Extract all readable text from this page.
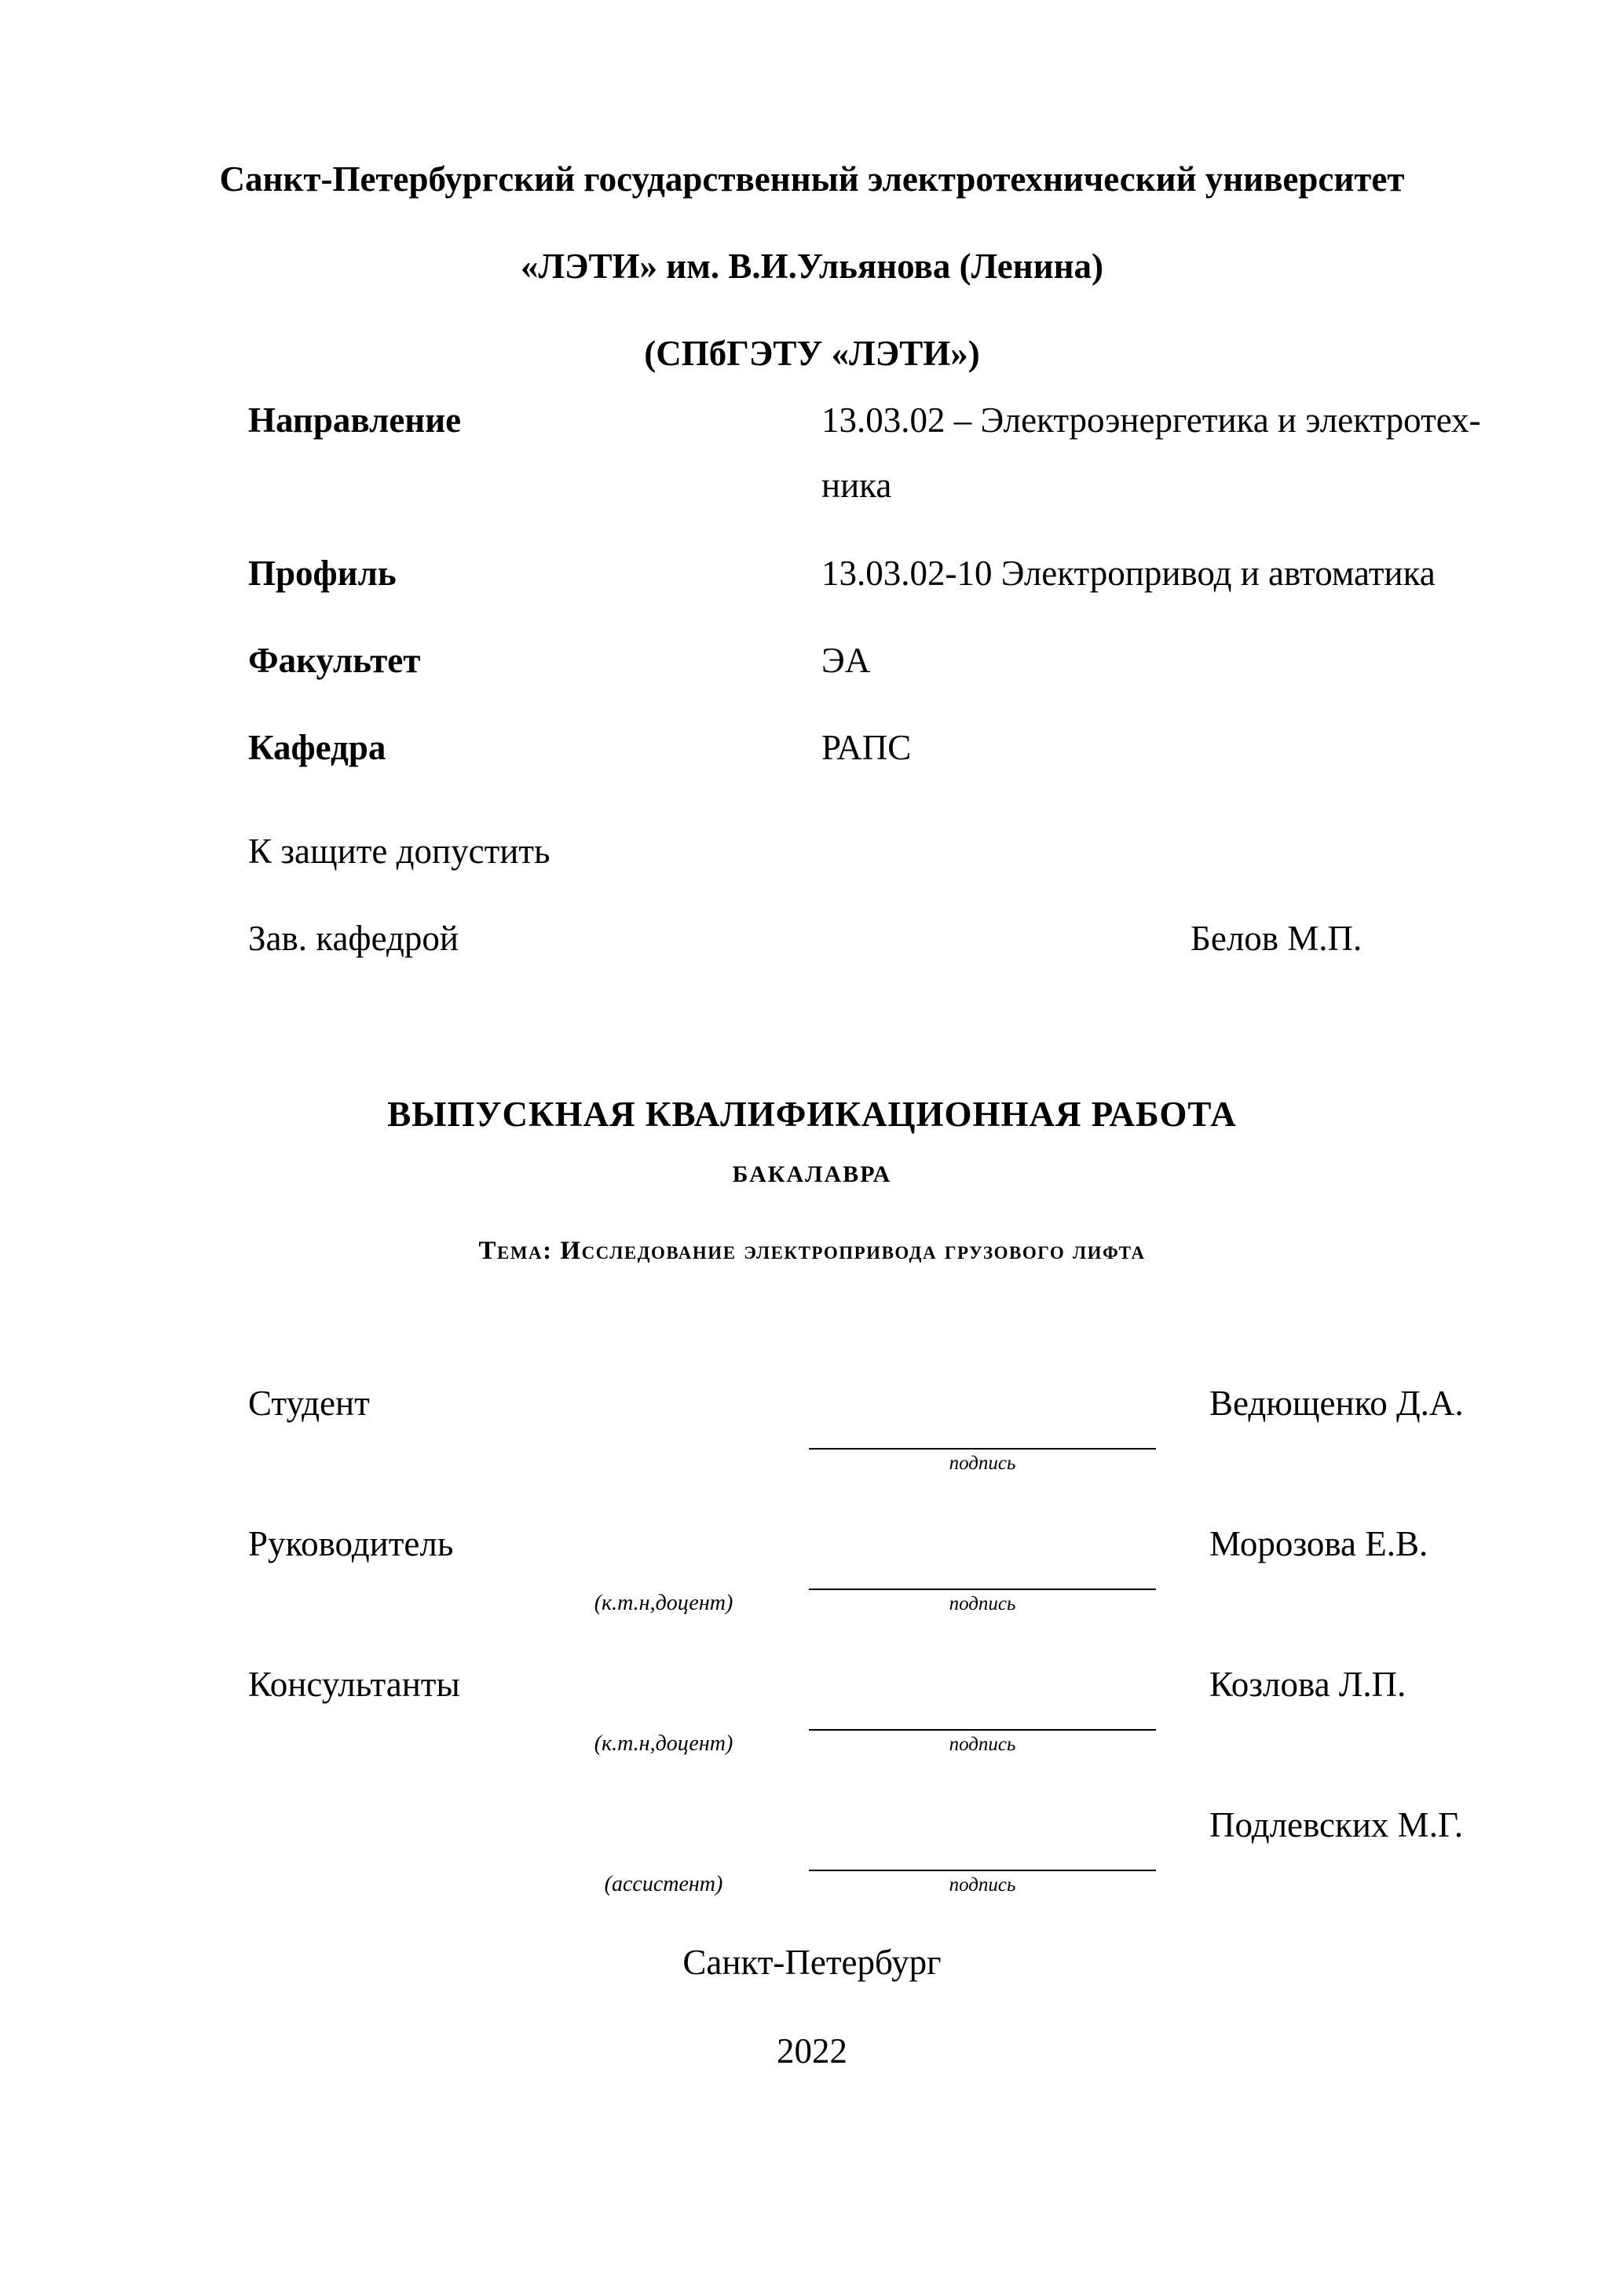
Санкт-Петербургский государственный электротехнический университет
«ЛЭТИ» им. В.И.Ульянова (Ленина)
(СПбГЭТУ «ЛЭТИ»)
Направление	13.03.02 – Электроэнергетика и электротех-
ника
Профиль	13.03.02-10 Электропривод и автоматика
Факультет	ЭА
Кафедра	РАПС
К защите допустить
Зав. кафедрой	Белов М.П.
ВЫПУСКНАЯ КВАЛИФИКАЦИОННАЯ РАБОТА
БАКАЛАВРА
Тема: Исследование электропривода грузового лифта
Студент	Ведющенко Д.А.
подпись
Руководитель	Морозова Е.В.
(к.т.н,доцент)	подпись
Консультанты	Козлова Л.П.
(к.т.н,доцент)	подпись
Подлевских М.Г.
(ассистент)	подпись
Санкт-Петербург
2022
